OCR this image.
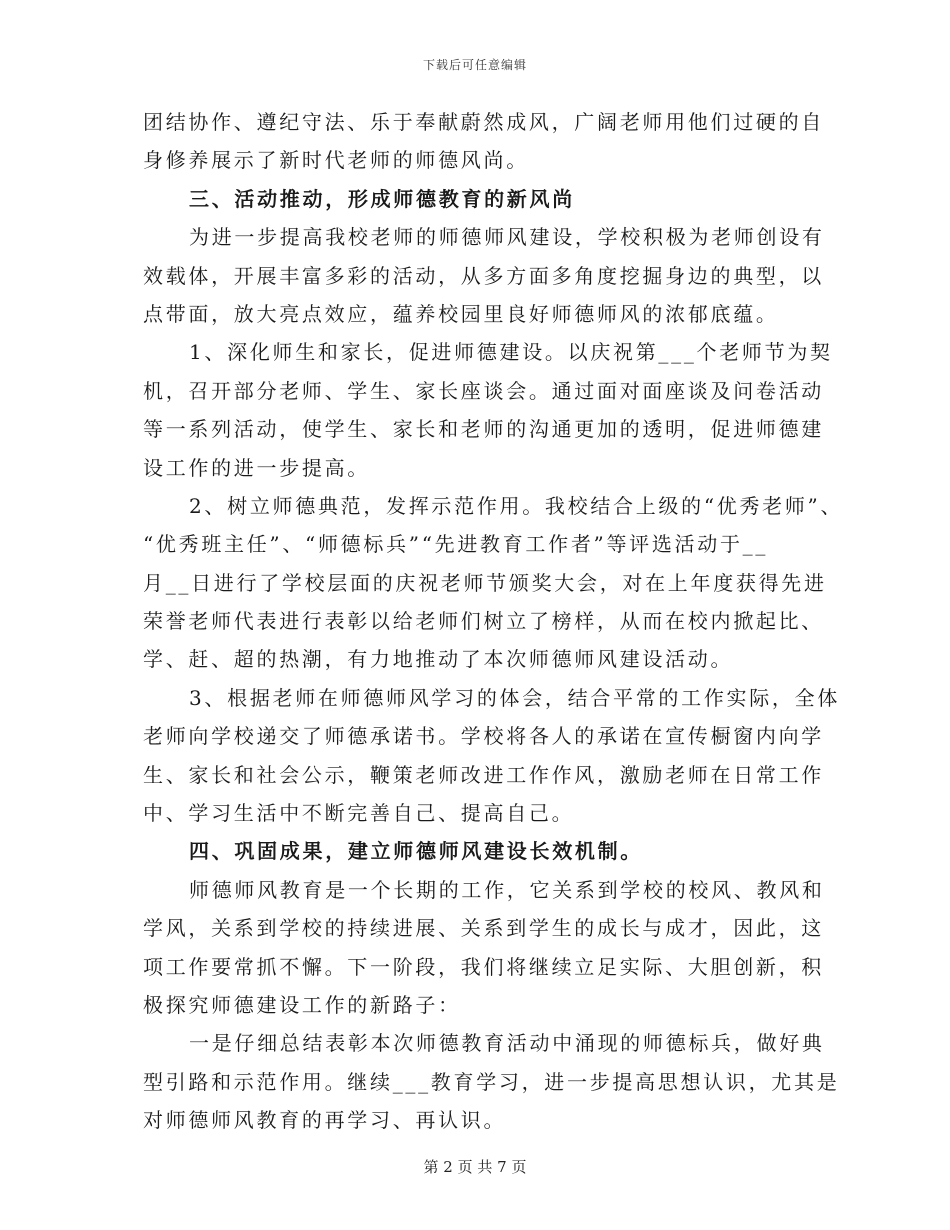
下载后可任意编辑
团结协作、遵纪守法、乐于奉献蔚然成风，广阔老师用他们过硬的自
身修养展示了新时代老师的师德风尚。
三、活动推动，形成师德教育的新风尚
为进一步提高我校老师的师德师风建设，学校积极为老师创设有
效载体，开展丰富多彩的活动，从多方面多角度挖掘身边的典型，以
点带面，放大亮点效应，蕴养校园里良好师德师风的浓郁底蕴。
1、深化师生和家长，促进师德建设。以庆祝第___个老师节为契
机，召开部分老师、学生、家长座谈会。通过面对面座谈及问卷活动
等一系列活动，使学生、家长和老师的沟通更加的透明，促进师德建
设工作的进一步提高。
2、树立师德典范，发挥示范作用。我校结合上级的“优秀老师”、
“优秀班主任”、“师德标兵”“先进教育工作者”等评选活动于__
月__日进行了学校层面的庆祝老师节颁奖大会，对在上年度获得先进
荣誉老师代表进行表彰以给老师们树立了榜样，从而在校内掀起比、
学、赶、超的热潮，有力地推动了本次师德师风建设活动。
3、根据老师在师德师风学习的体会，结合平常的工作实际，全体
老师向学校递交了师德承诺书。学校将各人的承诺在宣传橱窗内向学
生、家长和社会公示，鞭策老师改进工作作风，激励老师在日常工作
中、学习生活中不断完善自己、提高自己。
四、巩固成果，建立师德师风建设长效机制。
师德师风教育是一个长期的工作，它关系到学校的校风、教风和
学风，关系到学校的持续进展、关系到学生的成长与成才，因此，这
项工作要常抓不懈。下一阶段，我们将继续立足实际、大胆创新，积
极探究师德建设工作的新路子：
一是仔细总结表彰本次师德教育活动中涌现的师德标兵，做好典
型引路和示范作用。继续___教育学习，进一步提高思想认识，尤其是
对师德师风教育的再学习、再认识。
第 2 页 共 7 页
